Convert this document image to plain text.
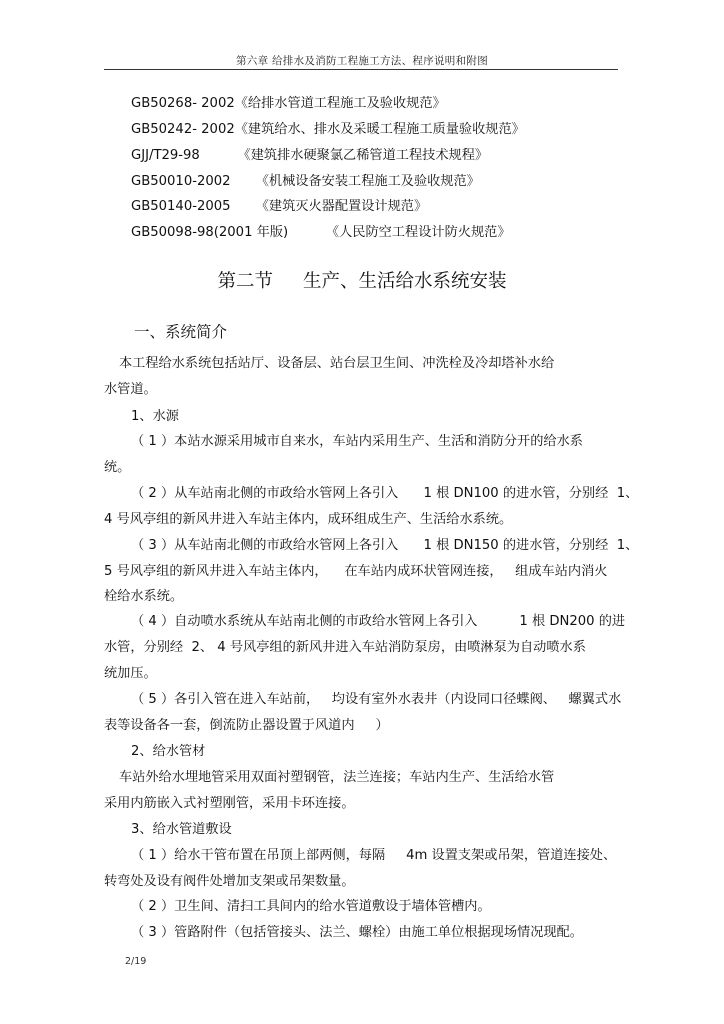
第六章 给排水及消防工程施工方法、程序说明和附图
GB50268- 2002《给排水管道工程施工及验收规范》
GB50242- 2002《建筑给水、排水及采暖工程施工质量验收规范》
GJJ/T29-98         《建筑排水硬聚氯乙稀管道工程技术规程》
GB50010-2002      《机械设备安装工程施工及验收规范》
GB50140-2005      《建筑灭火器配置设计规范》
GB50098-98(2001 年版)         《人民防空工程设计防火规范》
第二节 生产、生活给水系统安装
一、系统简介
本工程给水系统包括站厅、设备层、站台层卫生间、冲洗栓及冷却塔补水给
水管道。
1、水源
（ 1 ）本站水源采用城市自来水，车站内采用生产、生活和消防分开的给水系
统。
（ 2 ）从车站南北侧的市政给水管网上各引入      1 根 DN100 的进水管，分别经  1、
4 号风亭组的新风井进入车站主体内，成环组成生产、生活给水系统。
（ 3 ）从车站南北侧的市政给水管网上各引入      1 根 DN150 的进水管，分别经  1、
5 号风亭组的新风井进入车站主体内，    在车站内成环状管网连接，   组成车站内消火
栓给水系统。
（ 4 ）自动喷水系统从车站南北侧的市政给水管网上各引入          1 根 DN200 的进
水管，分别经  2、 4 号风亭组的新风井进入车站消防泵房，由喷淋泵为自动喷水系
统加压。
（ 5 ）各引入管在进入车站前，   均设有室外水表井（内设同口径蝶阀、   螺翼式水
表等设备各一套，倒流防止器设置于风道内     ）
2、给水管材
车站外给水埋地管采用双面衬塑钢管，法兰连接；车站内生产、生活给水管
采用内筋嵌入式衬塑刚管，采用卡环连接。
3、给水管道敷设
（ 1 ）给水干管布置在吊顶上部两侧，每隔     4m 设置支架或吊架，管道连接处、
转弯处及设有阀件处增加支架或吊架数量。
（ 2 ）卫生间、清扫工具间内的给水管道敷设于墙体管槽内。
（ 3 ）管路附件（包括管接头、法兰、螺栓）由施工单位根据现场情况现配。
2/19
